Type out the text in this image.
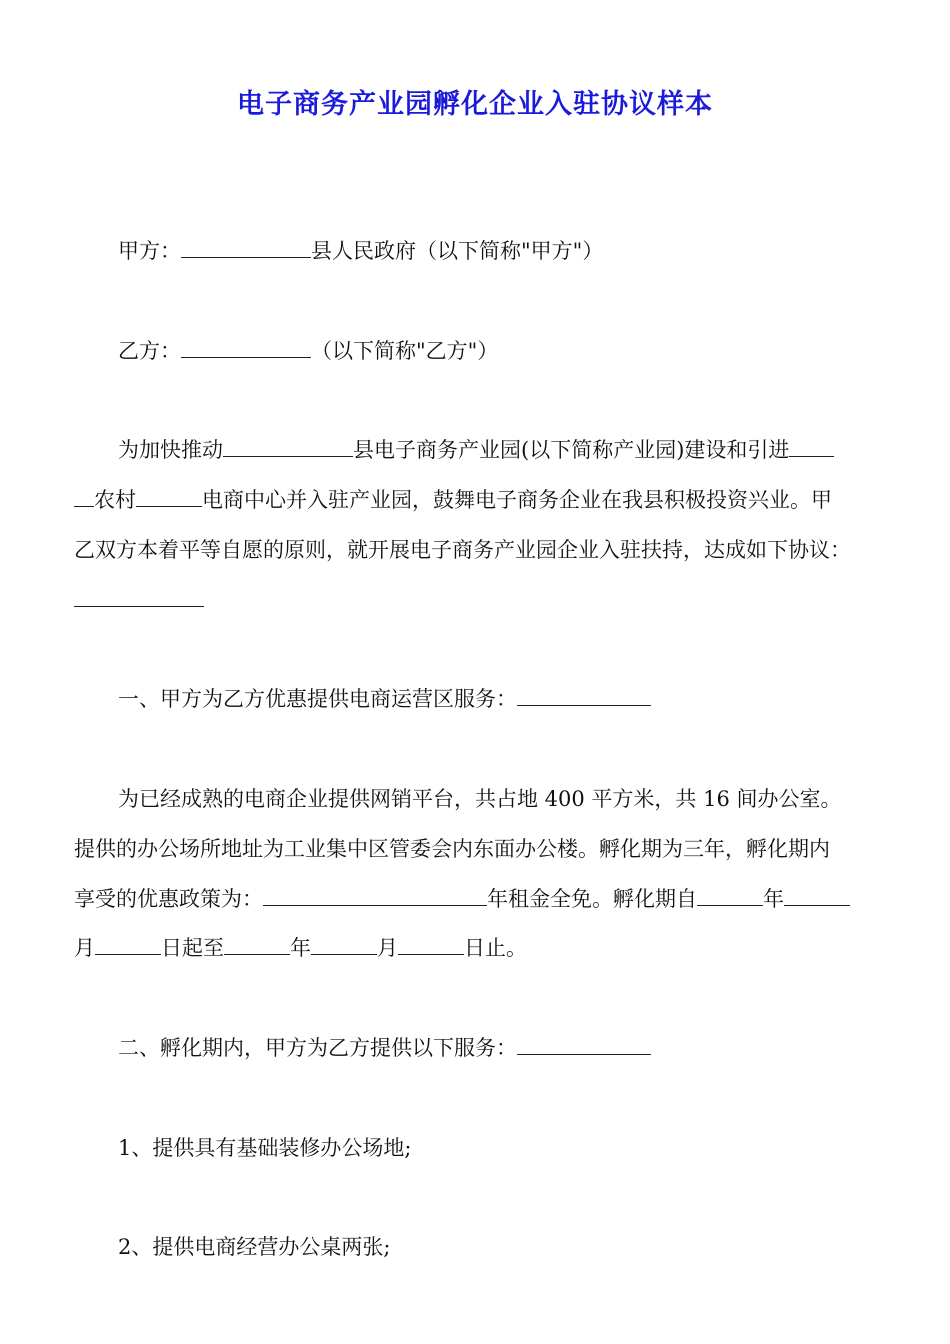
电子商务产业园孵化企业入驻协议样本
甲方：	县人民政府（以下简称"甲方"）
乙方：	（以下简称"乙方"）
为加快推动	县电子商务产业园(以下简称产业园)建设和引进
农村	电商中心并入驻产业园，鼓舞电子商务企业在我县积极投资兴业。甲
乙双方本着平等自愿的原则，就开展电子商务产业园企业入驻扶持，达成如下协议：
一、甲方为乙方优惠提供电商运营区服务：
为已经成熟的电商企业提供网销平台，共占地 400 平方米，共 16 间办公室。
提供的办公场所地址为工业集中区管委会内东面办公楼。孵化期为三年，孵化期内
享受的优惠政策为：	年租金全免。孵化期自	年
月	日起至	年	月	日止。
二、孵化期内，甲方为乙方提供以下服务：
1、提供具有基础装修办公场地;
2、提供电商经营办公桌两张;
